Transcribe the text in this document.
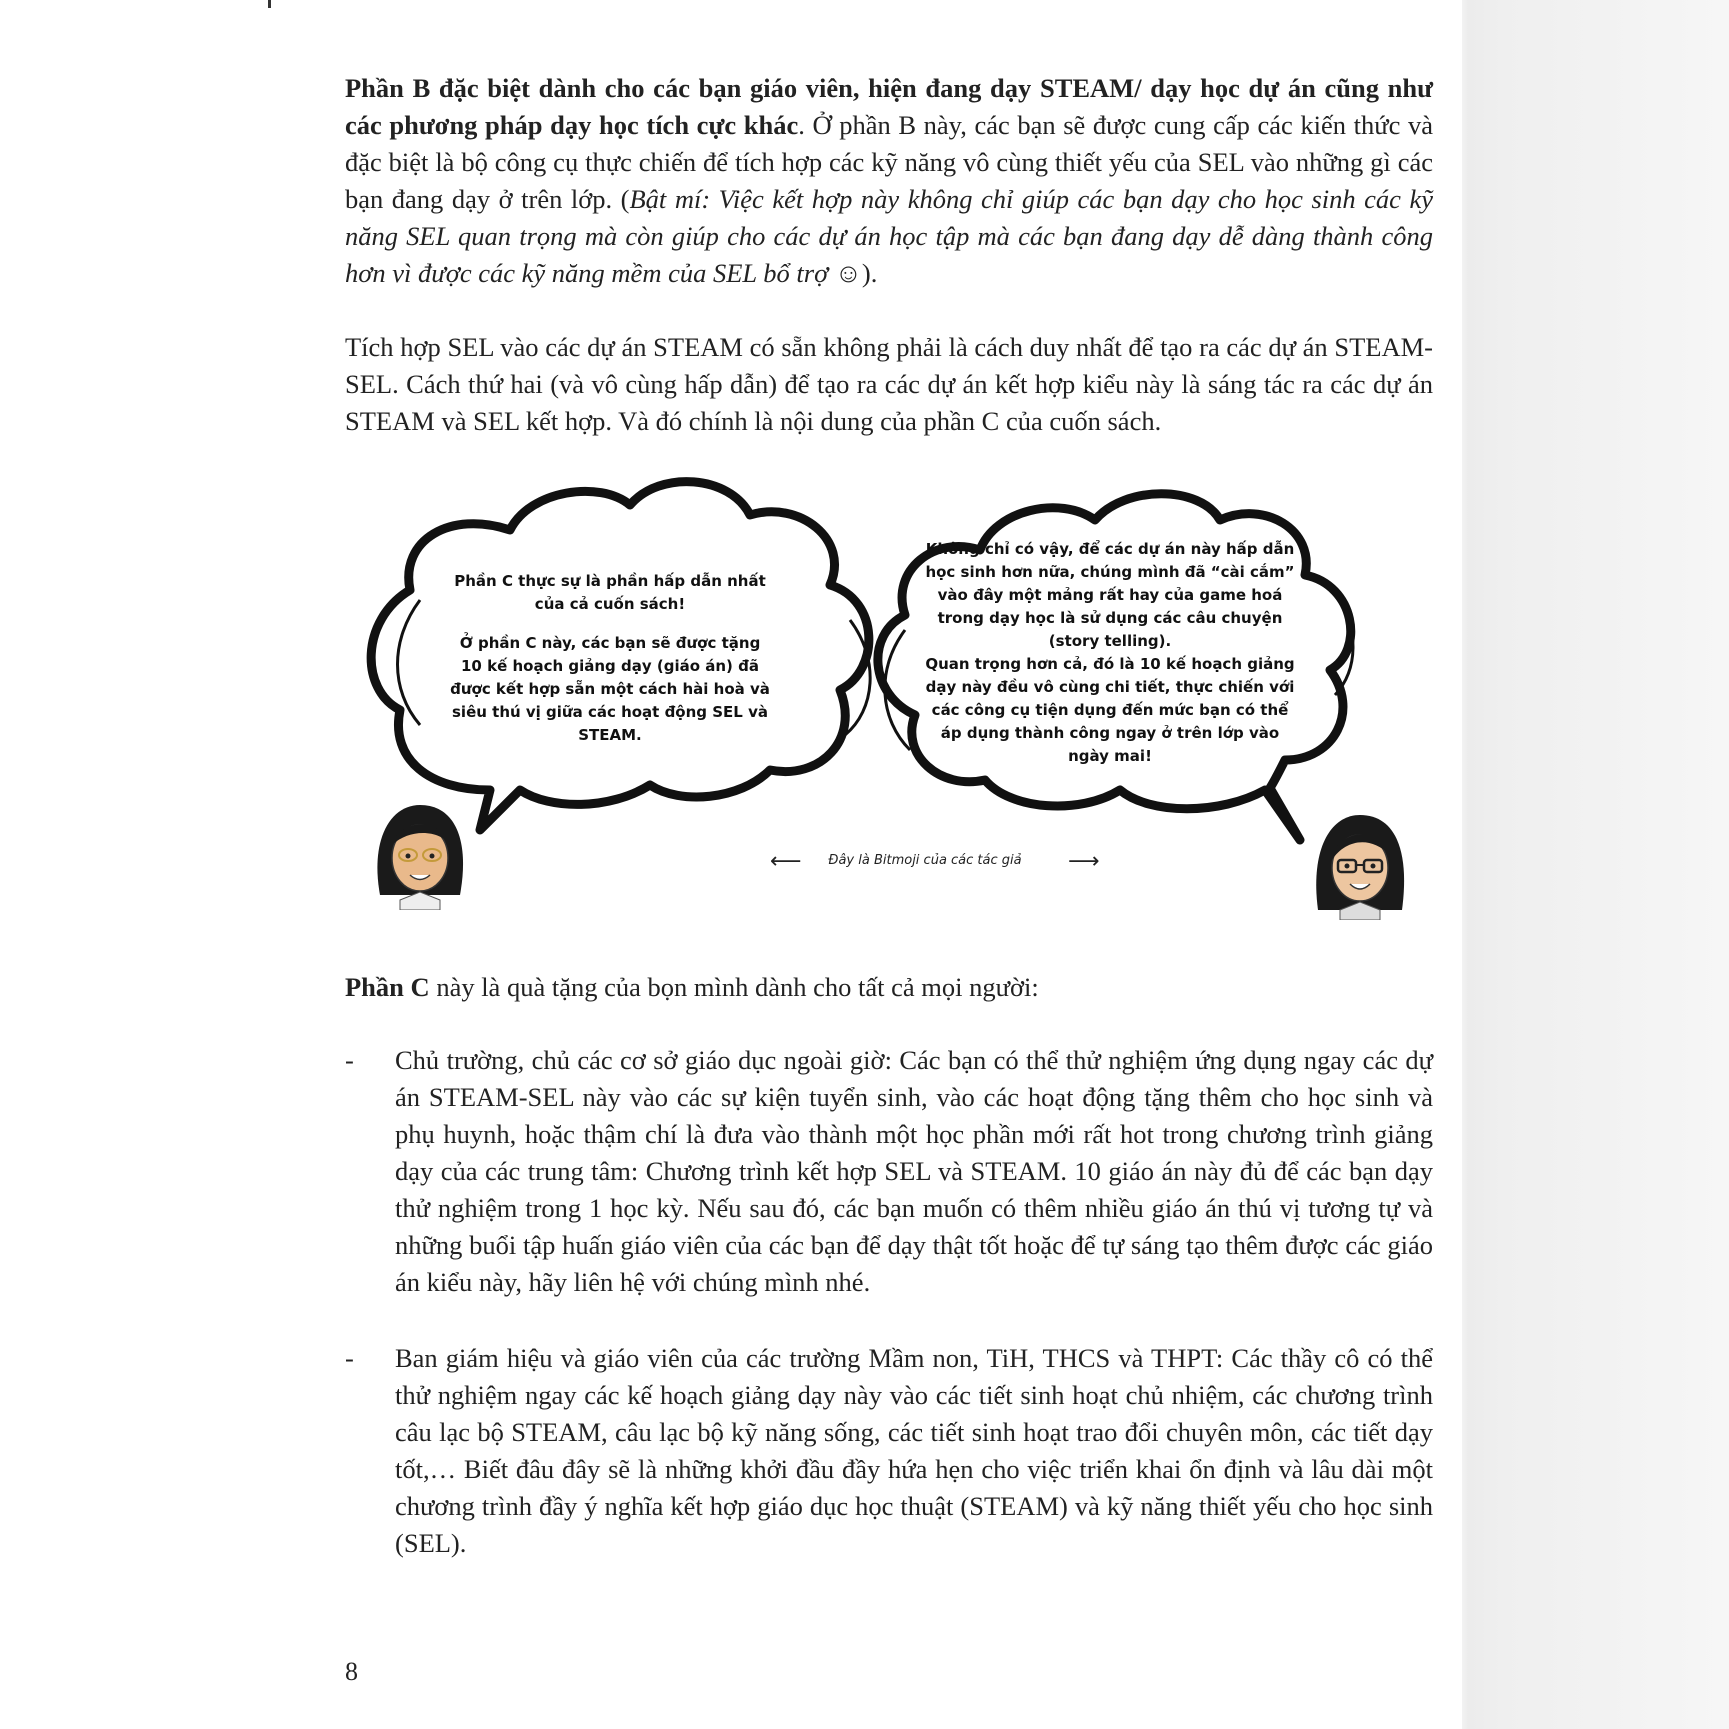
Phần B đặc biệt dành cho các bạn giáo viên, hiện đang dạy STEAM/ dạy học dự án cũng như các phương pháp dạy học tích cực khác. Ở phần B này, các bạn sẽ được cung cấp các kiến thức và đặc biệt là bộ công cụ thực chiến để tích hợp các kỹ năng vô cùng thiết yếu của SEL vào những gì các bạn đang dạy ở trên lớp. (Bật mí: Việc kết hợp này không chỉ giúp các bạn dạy cho học sinh các kỹ năng SEL quan trọng mà còn giúp cho các dự án học tập mà các bạn đang dạy dễ dàng thành công hơn vì được các kỹ năng mềm của SEL bổ trợ ☺).
Tích hợp SEL vào các dự án STEAM có sẵn không phải là cách duy nhất để tạo ra các dự án STEAM-SEL. Cách thứ hai (và vô cùng hấp dẫn) để tạo ra các dự án kết hợp kiểu này là sáng tác ra các dự án STEAM và SEL kết hợp. Và đó chính là nội dung của phần C của cuốn sách.

Phần C thực sự là phần hấp dẫn nhất của cả cuốn sách!

Ở phần C này, các bạn sẽ được tặng 10 kế hoạch giảng dạy (giáo án) đã được kết hợp sẵn một cách hài hoà và siêu thú vị giữa các hoạt động SEL và STEAM.

Không chỉ có vậy, để các dự án này hấp dẫn học sinh hơn nữa, chúng mình đã “cài cắm” vào đây một mảng rất hay của game hoá trong dạy học là sử dụng các câu chuyện (story telling).

Quan trọng hơn cả, đó là 10 kế hoạch giảng dạy này đều vô cùng chi tiết, thực chiến với các công cụ tiện dụng đến mức bạn có thể áp dụng thành công ngay ở trên lớp vào ngày mai!

⟵ Đây là Bitmoji của các tác giả ⟶
Phần C này là quà tặng của bọn mình dành cho tất cả mọi người:
- Chủ trường, chủ các cơ sở giáo dục ngoài giờ: Các bạn có thể thử nghiệm ứng dụng ngay các dự án STEAM-SEL này vào các sự kiện tuyển sinh, vào các hoạt động tặng thêm cho học sinh và phụ huynh, hoặc thậm chí là đưa vào thành một học phần mới rất hot trong chương trình giảng dạy của các trung tâm: Chương trình kết hợp SEL và STEAM. 10 giáo án này đủ để các bạn dạy thử nghiệm trong 1 học kỳ. Nếu sau đó, các bạn muốn có thêm nhiều giáo án thú vị tương tự và những buổi tập huấn giáo viên của các bạn để dạy thật tốt hoặc để tự sáng tạo thêm được các giáo án kiểu này, hãy liên hệ với chúng mình nhé.
- Ban giám hiệu và giáo viên của các trường Mầm non, TiH, THCS và THPT: Các thầy cô có thể thử nghiệm ngay các kế hoạch giảng dạy này vào các tiết sinh hoạt chủ nhiệm, các chương trình câu lạc bộ STEAM, câu lạc bộ kỹ năng sống, các tiết sinh hoạt trao đổi chuyên môn, các tiết dạy tốt,… Biết đâu đây sẽ là những khởi đầu đầy hứa hẹn cho việc triển khai ổn định và lâu dài một chương trình đầy ý nghĩa kết hợp giáo dục học thuật (STEAM) và kỹ năng thiết yếu cho học sinh (SEL).
8
